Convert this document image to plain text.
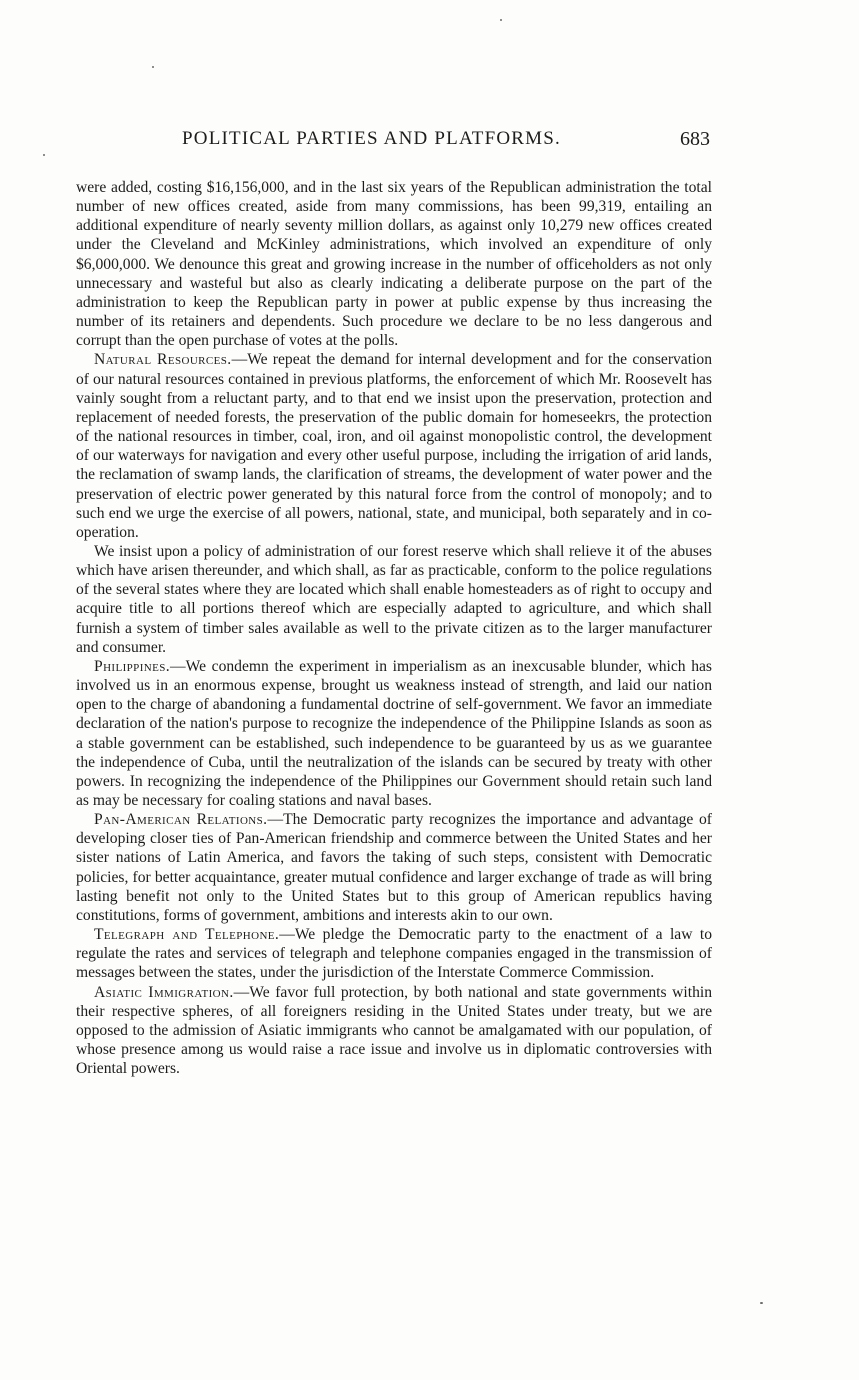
POLITICAL PARTIES AND PLATFORMS.	683

were added, costing $16,156,000, and in the last six years of the Republican administration the total number of new offices created, aside from many commissions, has been 99,319, entailing an additional expenditure of nearly seventy million dollars, as against only 10,279 new offices created under the Cleveland and McKinley administrations, which involved an expenditure of only $6,000,000. We denounce this great and growing increase in the number of officeholders as not only unnecessary and wasteful but also as clearly indicating a deliberate purpose on the part of the administration to keep the Republican party in power at public expense by thus increasing the number of its retainers and dependents. Such procedure we declare to be no less dangerous and corrupt than the open purchase of votes at the polls.

Natural Resources.—We repeat the demand for internal development and for the conservation of our natural resources contained in previous platforms, the enforcement of which Mr. Roosevelt has vainly sought from a reluctant party, and to that end we insist upon the preservation, protection and replacement of needed forests, the preservation of the public domain for homeseekrs, the protection of the national resources in timber, coal, iron, and oil against monopolistic control, the development of our waterways for navigation and every other useful purpose, including the irrigation of arid lands, the reclamation of swamp lands, the clarification of streams, the development of water power and the preservation of electric power generated by this natural force from the control of monopoly; and to such end we urge the exercise of all powers, national, state, and municipal, both separately and in co-operation.

We insist upon a policy of administration of our forest reserve which shall relieve it of the abuses which have arisen thereunder, and which shall, as far as practicable, conform to the police regulations of the several states where they are located which shall enable homesteaders as of right to occupy and acquire title to all portions thereof which are especially adapted to agriculture, and which shall furnish a system of timber sales available as well to the private citizen as to the larger manufacturer and consumer.

Philippines.—We condemn the experiment in imperialism as an inexcusable blunder, which has involved us in an enormous expense, brought us weakness instead of strength, and laid our nation open to the charge of abandoning a fundamental doctrine of self-government. We favor an immediate declaration of the nation's purpose to recognize the independence of the Philippine Islands as soon as a stable government can be established, such independence to be guaranteed by us as we guarantee the independence of Cuba, until the neutralization of the islands can be secured by treaty with other powers. In recognizing the independence of the Philippines our Government should retain such land as may be necessary for coaling stations and naval bases.

Pan-American Relations.—The Democratic party recognizes the importance and advantage of developing closer ties of Pan-American friendship and commerce between the United States and her sister nations of Latin America, and favors the taking of such steps, consistent with Democratic policies, for better acquaintance, greater mutual confidence and larger exchange of trade as will bring lasting benefit not only to the United States but to this group of American republics having constitutions, forms of government, ambitions and interests akin to our own.

Telegraph and Telephone.—We pledge the Democratic party to the enactment of a law to regulate the rates and services of telegraph and telephone companies engaged in the transmission of messages between the states, under the jurisdiction of the Interstate Commerce Commission.

Asiatic Immigration.—We favor full protection, by both national and state governments within their respective spheres, of all foreigners residing in the United States under treaty, but we are opposed to the admission of Asiatic immigrants who cannot be amalgamated with our population, of whose presence among us would raise a race issue and involve us in diplomatic controversies with Oriental powers.
